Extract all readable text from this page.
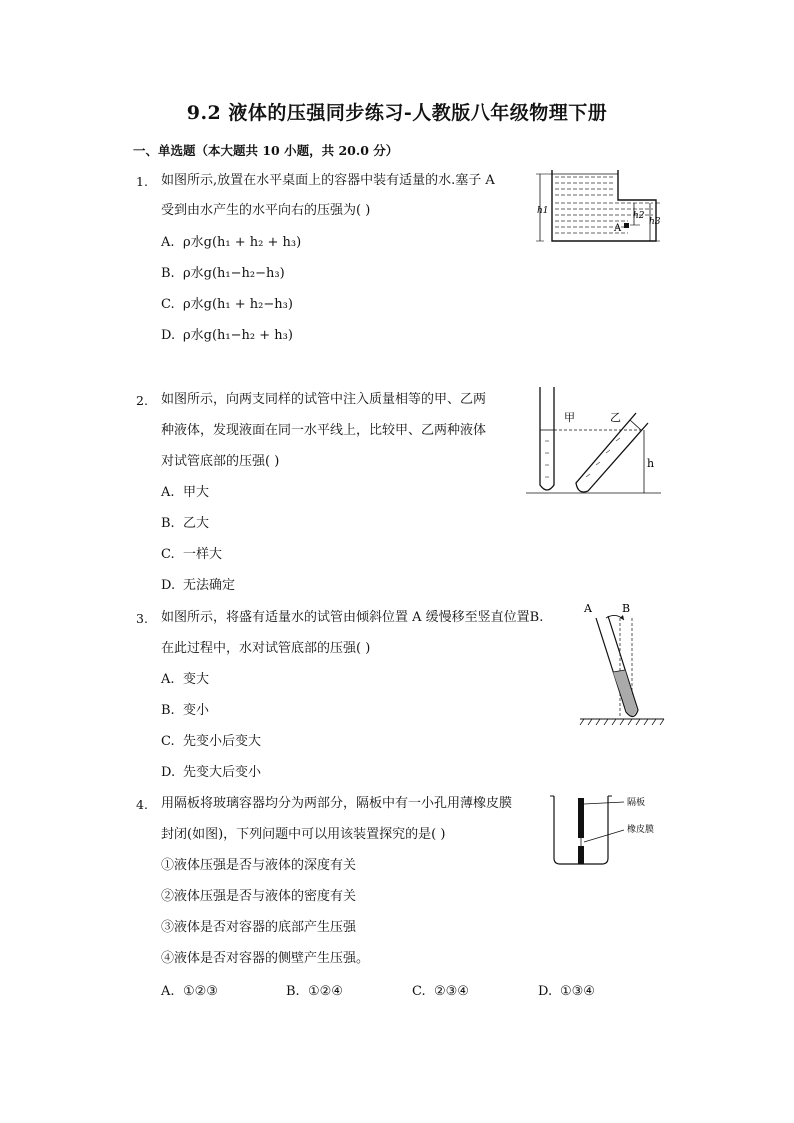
9.2 液体的压强同步练习-人教版八年级物理下册
一、单选题（本大题共 10 小题，共 20.0 分）
1. 如图所示,放置在水平桌面上的容器中装有适量的水.塞子 A
受到由水产生的水平向右的压强为( )
A. ρ水g(h₁ + h₂ + h₃)
B. ρ水g(h₁−h₂−h₃)
C. ρ水g(h₁ + h₂−h₃)
D. ρ水g(h₁−h₂ + h₃)
h1
A
h2
h3
2. 如图所示，向两支同样的试管中注入质量相等的甲、乙两
种液体，发现液面在同一水平线上，比较甲、乙两种液体
对试管底部的压强( )
A. 甲大
B. 乙大
C. 一样大
D. 无法确定
甲	乙
h
3. 如图所示，将盛有适量水的试管由倾斜位置 A 缓慢移至竖直位置B.
在此过程中，水对试管底部的压强( )
A. 变大
B. 变小
C. 先变小后变大
D. 先变大后变小
A	B
4. 用隔板将玻璃容器均分为两部分，隔板中有一小孔用薄橡皮膜
封闭(如图)，下列问题中可以用该装置探究的是( )
①液体压强是否与液体的深度有关
②液体压强是否与液体的密度有关
③液体是否对容器的底部产生压强
④液体是否对容器的侧壁产生压强。
A. ①②③	B. ①②④	C. ②③④	D. ①③④
隔板
橡皮膜
